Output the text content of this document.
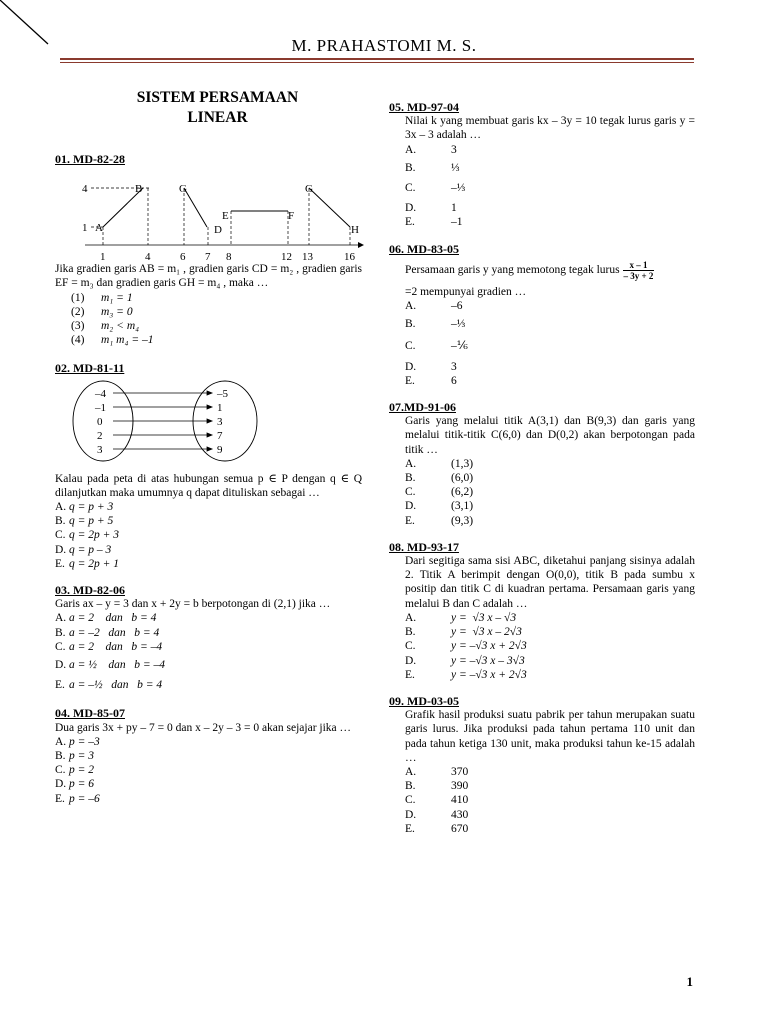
M. PRAHASTOMI M. S.
SISTEM PERSAMAAN
LINEAR
01. MD-82-28
4
1 A
B	G	G
E	F
D	H
1	4	6 7 8	12 13	16
Jika gradien garis AB = m₁ , gradien garis CD = m₂ , gradien garis EF = m₃ dan gradien garis GH = m₄ , maka …
(1) m₁ = 1
(2) m₃ = 0
(3) m₂ < m₄
(4) m₁ m₄ = –1
02. MD-81-11
–4
–1
0
2
3
–5
1
3
7
9
Kalau pada peta di atas hubungan semua p ∈ P dengan q ∈ Q dilanjutkan maka umumnya q dapat dituliskan sebagai …
A. q = p + 3
B. q = p + 5
C. q = 2p + 3
D. q = p – 3
E. q = 2p + 1
03. MD-82-06
Garis ax – y = 3 dan x + 2y = b berpotongan di (2,1) jika …
A. a = 2    dan   b = 4
B. a = –2   dan   b = 4
C. a = 2    dan   b = –4
D. a = ½    dan   b = –4
E. a = –½   dan   b = 4
04. MD-85-07
Dua garis 3x + py – 7 = 0 dan x – 2y – 3 = 0 akan sejajar jika …
A. p = –3
B. p = 3
C. p = 2
D. p = 6
E. p = –6
05. MD-97-04
Nilai k yang membuat garis kx – 3y = 10 tegak lurus garis y = 3x – 3 adalah …
A.	3
B.	⅓
C.	–⅓
D.	1
E.	–1
06. MD-83-05
Persamaan garis y yang memotong tegak lurus $\frac{x - 1}{- 3y + 2}$
=2 mempunyai gradien …
A.	–6
B.	–⅓
C.	–⅙
D.	3
E.	6
07.MD-91-06
Garis yang melalui titik A(3,1) dan B(9,3) dan garis yang melalui titik-titik C(6,0) dan D(0,2) akan berpotongan pada titik …
A.	(1,3)
B.	(6,0)
C.	(6,2)
D.	(3,1)
E.	(9,3)
08. MD-93-17
Dari segitiga sama sisi ABC, diketahui panjang sisinya adalah 2. Titik A berimpit dengan O(0,0), titik B pada sumbu x positip dan titik C di kuadran pertama. Persamaan garis yang melalui B dan C adalah …
A.	y =  √3 x – √3
B.	y =  √3 x – 2√3
C.	y = –√3 x + 2√3
D.	y = –√3 x – 3√3
E.	y = –√3 x + 2√3
09. MD-03-05
Grafik hasil produksi suatu pabrik per tahun merupakan suatu garis lurus. Jika produksi pada tahun pertama 110 unit dan pada tahun ketiga 130 unit, maka produksi tahun ke-15 adalah …
A.	370
B.	390
C.	410
D.	430
E.	670
1
